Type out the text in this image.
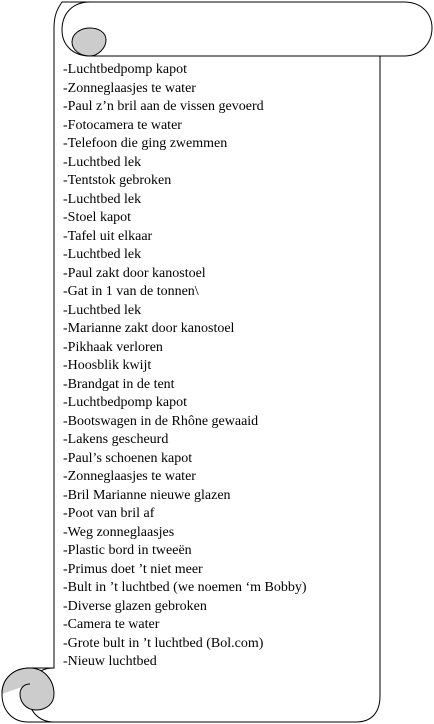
-Luchtbedpomp kapot
-Zonneglaasjes te water
-Paul z’n bril aan de vissen gevoerd
-Fotocamera te water
-Telefoon die ging zwemmen
-Luchtbed lek
-Tentstok gebroken
-Luchtbed lek
-Stoel kapot
-Tafel uit elkaar
-Luchtbed lek
-Paul zakt door kanostoel
-Gat in 1 van de tonnen\
-Luchtbed lek
-Marianne zakt door kanostoel
-Pikhaak verloren
-Hoosblik kwijt
-Brandgat in de tent
-Luchtbedpomp kapot
-Bootswagen in de Rhône gewaaid
-Lakens gescheurd
-Paul’s schoenen kapot
-Zonneglaasjes te water
-Bril Marianne nieuwe glazen
-Poot van bril af
-Weg zonneglaasjes
-Plastic bord in tweeën
-Primus doet ’t niet meer
-Bult in ’t luchtbed (we noemen ‘m Bobby)
-Diverse glazen gebroken
-Camera te water
-Grote bult in ’t luchtbed (Bol.com)
-Nieuw luchtbed
